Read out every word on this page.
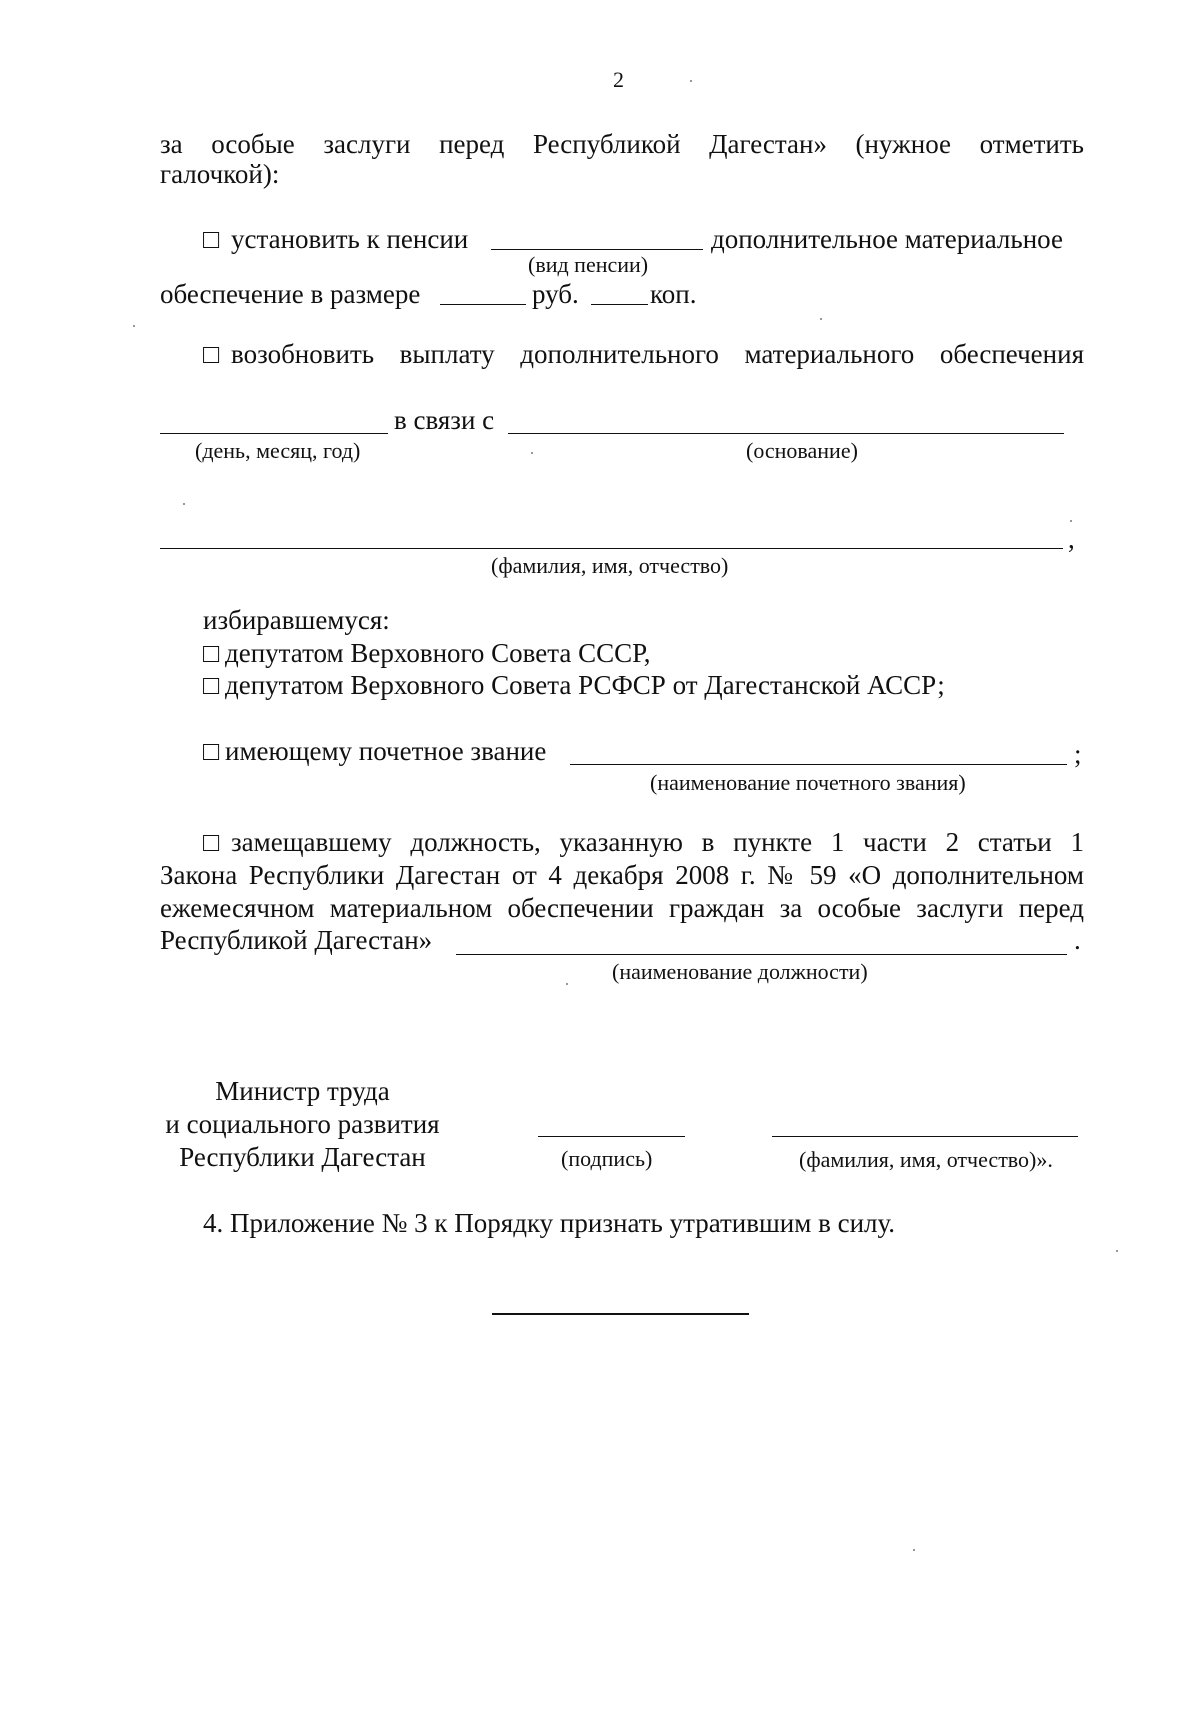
2
за особые заслуги перед Республикой Дагестан» (нужное отметить
галочкой):
□ установить к пенсии	дополнительное материальное
(вид пенсии)
обеспечение в размере	руб.	коп.
□ возобновить выплату дополнительного материального обеспечения
в связи с
(день, месяц, год)	(основание)
,
(фамилия, имя, отчество)
избиравшемуся:
□ депутатом Верховного Совета СССР,
□ депутатом Верховного Совета РСФСР от Дагестанской АССР;
□ имеющему почетное звание	;
(наименование почетного звания)
□ замещавшему должность, указанную в пункте 1 части 2 статьи 1
Закона Республики Дагестан от 4 декабря 2008 г. № 59 «О дополнительном
ежемесячном материальном обеспечении граждан за особые заслуги перед
Республикой Дагестан»	.
(наименование должности)
Министр труда
и социального развития
Республики Дагестан	(подпись)	(фамилия, имя, отчество)».
4. Приложение № 3 к Порядку признать утратившим в силу.
